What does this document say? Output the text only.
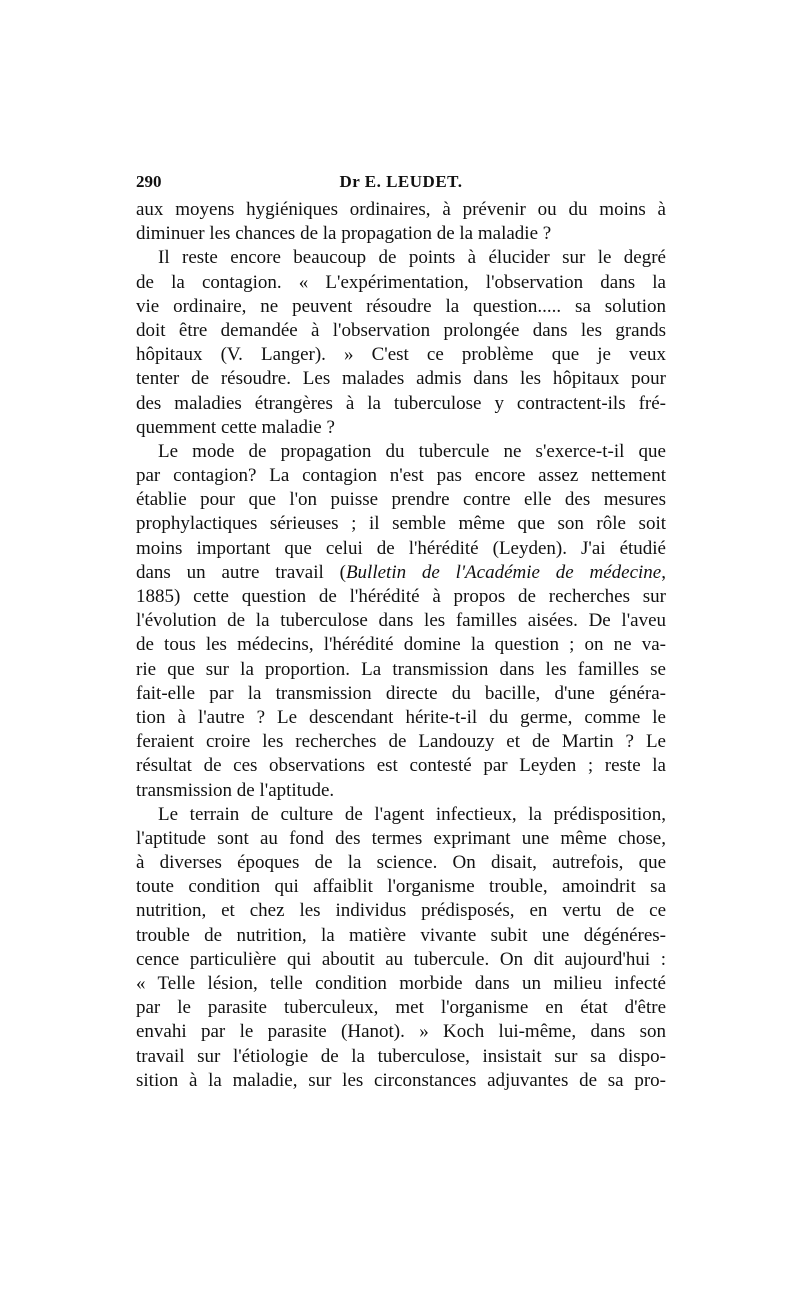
290	Dr E. LEUDET.
aux moyens hygiéniques ordinaires, à prévenir ou du moins à
diminuer les chances de la propagation de la maladie ?
Il reste encore beaucoup de points à élucider sur le degré
de la contagion. « L'expérimentation, l'observation dans la
vie ordinaire, ne peuvent résoudre la question..... sa solution
doit être demandée à l'observation prolongée dans les grands
hôpitaux (V. Langer). » C'est ce problème que je veux
tenter de résoudre. Les malades admis dans les hôpitaux pour
des maladies étrangères à la tuberculose y contractent-ils fré-
quemment cette maladie ?
Le mode de propagation du tubercule ne s'exerce-t-il que
par contagion? La contagion n'est pas encore assez nettement
établie pour que l'on puisse prendre contre elle des mesures
prophylactiques sérieuses ; il semble même que son rôle soit
moins important que celui de l'hérédité (Leyden). J'ai étudié
dans un autre travail (Bulletin de l'Académie de médecine,
1885) cette question de l'hérédité à propos de recherches sur
l'évolution de la tuberculose dans les familles aisées. De l'aveu
de tous les médecins, l'hérédité domine la question ; on ne va-
rie que sur la proportion. La transmission dans les familles se
fait-elle par la transmission directe du bacille, d'une généra-
tion à l'autre ? Le descendant hérite-t-il du germe, comme le
feraient croire les recherches de Landouzy et de Martin ? Le
résultat de ces observations est contesté par Leyden ; reste la
transmission de l'aptitude.
Le terrain de culture de l'agent infectieux, la prédisposition,
l'aptitude sont au fond des termes exprimant une même chose,
à diverses époques de la science. On disait, autrefois, que
toute condition qui affaiblit l'organisme trouble, amoindrit sa
nutrition, et chez les individus prédisposés, en vertu de ce
trouble de nutrition, la matière vivante subit une dégénéres-
cence particulière qui aboutit au tubercule. On dit aujourd'hui :
« Telle lésion, telle condition morbide dans un milieu infecté
par le parasite tuberculeux, met l'organisme en état d'être
envahi par le parasite (Hanot). » Koch lui-même, dans son
travail sur l'étiologie de la tuberculose, insistait sur sa dispo-
sition à la maladie, sur les circonstances adjuvantes de sa pro-
